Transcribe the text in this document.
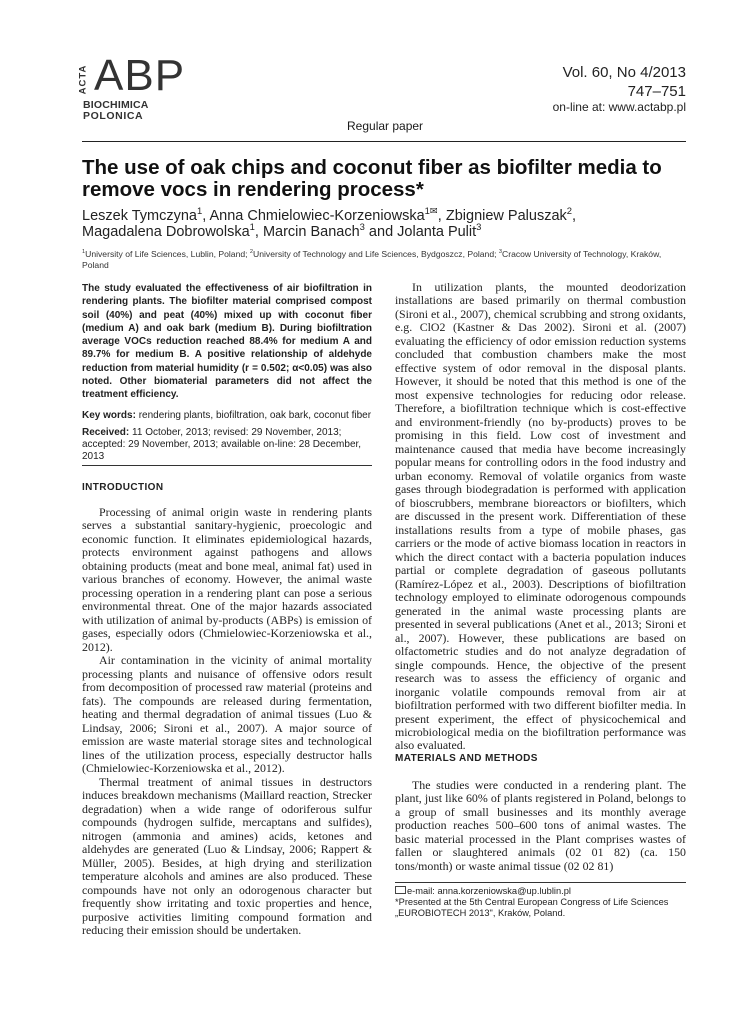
ACTA ABP
BIOCHIMICA
POLONICA
Vol. 60, No 4/2013
747–751
on-line at: www.actabp.pl
Regular paper
The use of oak chips and coconut fiber as biofilter media to remove vocs in rendering process*
Leszek Tymczyna$^1$, Anna Chmielowiec-Korzeniowska$^{1✉}$, Zbigniew Paluszak$^2$,
Magadalena Dobrowolska$^1$, Marcin Banach$^3$ and Jolanta Pulit$^3$
$^1$University of Life Sciences, Lublin, Poland; $^2$University of Technology and Life Sciences, Bydgoszcz, Poland; $^3$Cracow University of Technology, Kraków, Poland
The study evaluated the effectiveness of air biofiltration in rendering plants. The biofilter material comprised compost soil (40%) and peat (40%) mixed up with coconut fiber (medium A) and oak bark (medium B). During biofiltration average VOCs reduction reached 88.4% for medium A and 89.7% for medium B. A positive relationship of aldehyde reduction from material humidity (r = 0.502; α<0.05) was also noted. Other biomaterial parameters did not affect the treatment efficiency.
Key words: rendering plants, biofiltration, oak bark, coconut fiber
Received: 11 October, 2013; revised: 29 November, 2013; accepted: 29 November, 2013; available on-line: 28 December, 2013
INTRODUCTION

Processing of animal origin waste in rendering plants serves a substantial sanitary-hygienic, proecologic and economic function. It eliminates epidemiological hazards, protects environment against pathogens and allows obtaining products (meat and bone meal, animal fat) used in various branches of economy. However, the animal waste processing operation in a rendering plant can pose a serious environmental threat. One of the major hazards associated with utilization of animal by-products (ABPs) is emission of gases, especially odors (Chmielowiec-Korzeniowska et al., 2012).

Air contamination in the vicinity of animal mortality processing plants and nuisance of offensive odors result from decomposition of processed raw material (proteins and fats). The compounds are released during fermentation, heating and thermal degradation of animal tissues (Luo & Lindsay, 2006; Sironi et al., 2007). A major source of emission are waste material storage sites and technological lines of the utilization process, especially destructor halls (Chmielowiec-Korzeniowska et al., 2012).

Thermal treatment of animal tissues in destructors induces breakdown mechanisms (Maillard reaction, Strecker degradation) when a wide range of odoriferous sulfur compounds (hydrogen sulfide, mercaptans and sulfides), nitrogen (ammonia and amines) acids, ketones and aldehydes are generated (Luo & Lindsay, 2006; Rappert & Müller, 2005). Besides, at high drying and sterilization temperature alcohols and amines are also produced. These compounds have not only an odorogenous character but frequently show irritating and toxic properties and hence, purposive activities limiting compound formation and reducing their emission should be undertaken.

In utilization plants, the mounted deodorization installations are based primarily on thermal combustion (Sironi et al., 2007), chemical scrubbing and strong oxidants, e.g. ClO2 (Kastner & Das 2002). Sironi et al. (2007) evaluating the efficiency of odor emission reduction systems concluded that combustion chambers make the most effective system of odor removal in the disposal plants. However, it should be noted that this method is one of the most expensive technologies for reducing odor release. Therefore, a biofiltration technique which is cost-effective and environment-friendly (no by-products) proves to be promising in this field. Low cost of investment and maintenance caused that media have become increasingly popular means for controlling odors in the food industry and urban economy. Removal of volatile organics from waste gases through biodegradation is performed with application of bioscrubbers, membrane bioreactors or biofilters, which are discussed in the present work. Differentiation of these installations results from a type of mobile phases, gas carriers or the mode of active biomass location in reactors in which the direct contact with a bacteria population induces partial or complete degradation of gaseous pollutants (Ramírez-López et al., 2003). Descriptions of biofiltration technology employed to eliminate odorogenous compounds generated in the animal waste processing plants are presented in several publications (Anet et al., 2013; Sironi et al., 2007). However, these publications are based on olfactometric studies and do not analyze degradation of single compounds. Hence, the objective of the present research was to assess the efficiency of organic and inorganic volatile compounds removal from air at biofiltration performed with two different biofilter media. In present experiment, the effect of physicochemical and microbiological media on the biofiltration performance was also evaluated.

MATERIALS AND METHODS

The studies were conducted in a rendering plant. The plant, just like 60% of plants registered in Poland, belongs to a group of small businesses and its monthly average production reaches 500–600 tons of animal wastes. The basic material processed in the Plant comprises wastes of fallen or slaughtered animals (02 01 82) (ca. 150 tons/month) or waste animal tissue (02 02 81)

e-mail: anna.korzeniowska@up.lublin.pl
*Presented at the 5th Central European Congress of Life Sciences „EUROBIOTECH 2013", Kraków, Poland.
